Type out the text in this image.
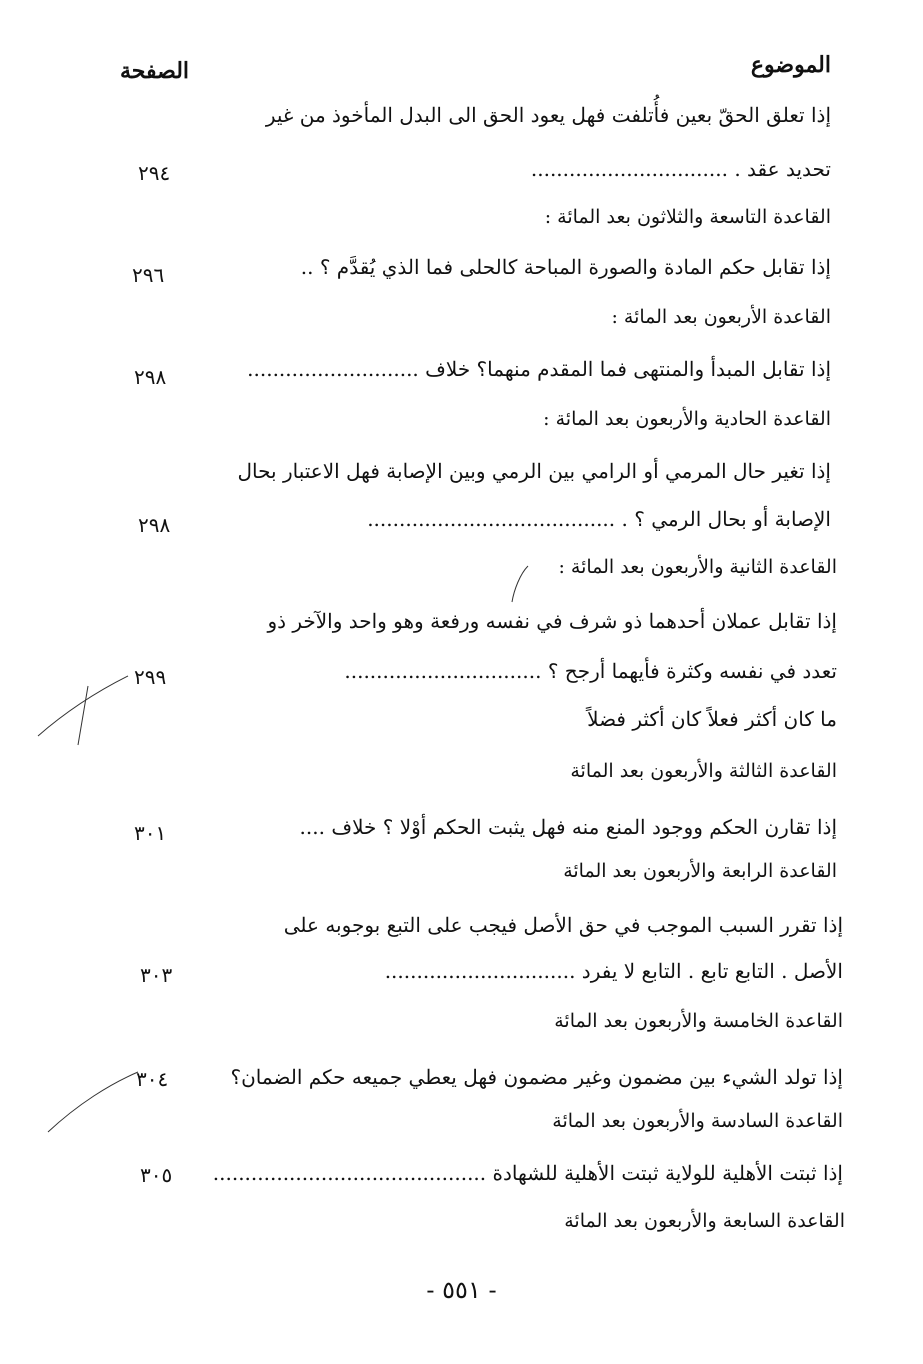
الموضوع
الصفحة
إذا تعلق الحقّ بعين فأُتلفت فهل يعود الحق الى البدل المأخوذ من غير
تحديد عقد . ...............................
٢٩٤
القاعدة التاسعة والثلاثون بعد المائة :
إذا تقابل حكم المادة والصورة المباحة كالحلى فما الذي يُقدَّم ؟ ..
٢٩٦
القاعدة الأربعون بعد المائة :
إذا تقابل المبدأ والمنتهى فما المقدم منهما؟ خلاف ...........................
٢٩٨
القاعدة الحادية والأربعون بعد المائة :
إذا تغير حال المرمي أو الرامي بين الرمي وبين الإصابة فهل الاعتبار بحال
الإصابة أو بحال الرمي ؟ . .......................................
٢٩٨
القاعدة الثانية والأربعون بعد المائة :
إذا تقابل عملان أحدهما ذو شرف في نفسه ورفعة وهو واحد والآخر ذو
تعدد في نفسه وكثرة فأيهما أرجح ؟ ...............................
٢٩٩
ما كان أكثر فعلاً كان أكثر فضلاً
القاعدة الثالثة والأربعون بعد المائة
إذا تقارن الحكم ووجود المنع منه فهل يثبت الحكم أوْلا ؟ خلاف ....
٣٠١
القاعدة الرابعة والأربعون بعد المائة
إذا تقرر السبب الموجب في حق الأصل فيجب على التبع بوجوبه على
الأصل . التابع تابع . التابع لا يفرد ..............................
٣٠٣
القاعدة الخامسة والأربعون بعد المائة
إذا تولد الشيء بين مضمون وغير مضمون فهل يعطي جميعه حكم الضمان؟
٣٠٤
القاعدة السادسة والأربعون بعد المائة
إذا ثبتت الأهلية للولاية ثبتت الأهلية للشهادة ...........................................
٣٠٥
القاعدة السابعة والأربعون بعد المائة
- ٥٥١ -
